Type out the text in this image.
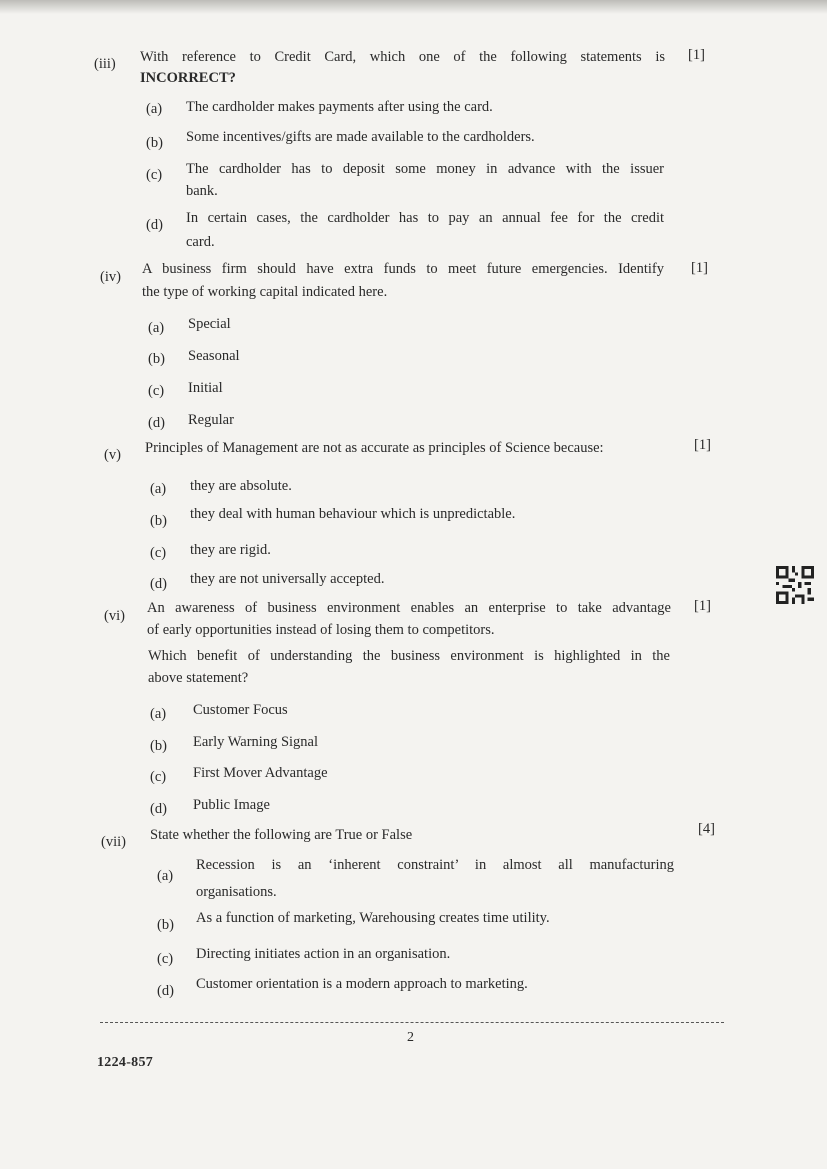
(iii) With reference to Credit Card, which one of the following statements is
INCORRECT?
[1]
(a) The cardholder makes payments after using the card.
(b) Some incentives/gifts are made available to the cardholders.
(c) The cardholder has to deposit some money in advance with the issuer
bank.
(d) In certain cases, the cardholder has to pay an annual fee for the credit
card.
(iv) A business firm should have extra funds to meet future emergencies. Identify
the type of working capital indicated here.
[1]
(a) Special
(b) Seasonal
(c) Initial
(d) Regular
(v) Principles of Management are not as accurate as principles of Science because:	[1]
(a) they are absolute.
(b) they deal with human behaviour which is unpredictable.
(c) they are rigid.
(d) they are not universally accepted.
(vi) An awareness of business environment enables an enterprise to take advantage
of early opportunities instead of losing them to competitors.
Which benefit of understanding the business environment is highlighted in the
above statement?
[1]
(a) Customer Focus
(b) Early Warning Signal
(c) First Mover Advantage
(d) Public Image
(vii) State whether the following are True or False	[4]
(a)
Recession is an ‘inherent constraint’ in almost all manufacturing
organisations.
(b) As a function of marketing, Warehousing creates time utility.
(c) Directing initiates action in an organisation.
(d) Customer orientation is a modern approach to marketing.
2
1224-857
